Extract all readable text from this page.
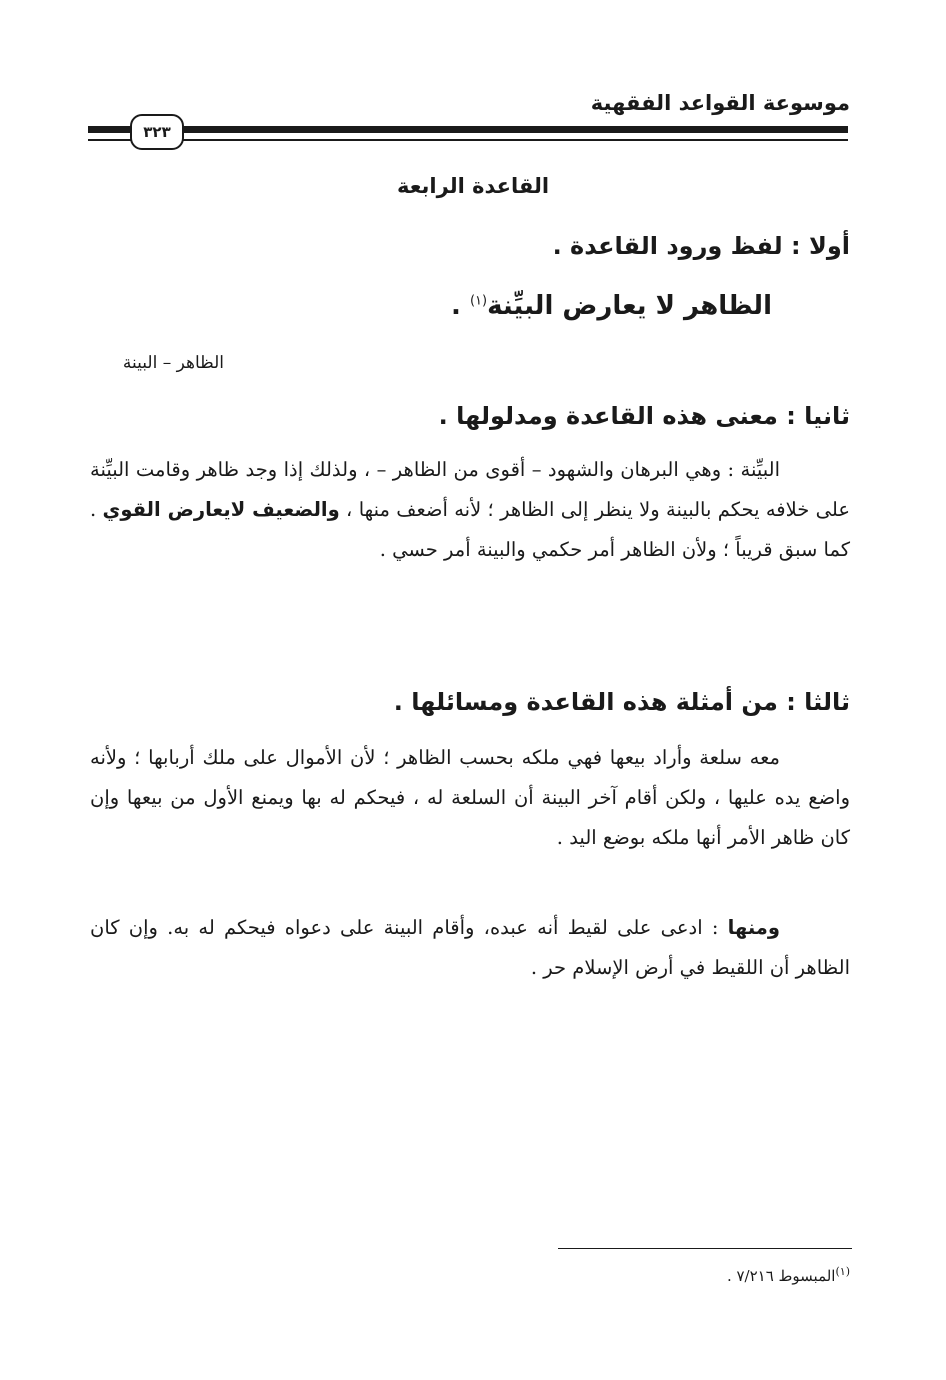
موسوعة القواعد الفقهية
٣٢٣
القاعدة الرابعة
أولا : لفظ ورود القاعدة .
الظاهر لا يعارض البيِّنة$^{(١)}$ .
الظاهر – البينة
ثانيا : معنى هذه القاعدة ومدلولها .
البيِّنة : وهي البرهان والشهود – أقوى من الظاهر – ، ولذلك إذا وجد ظاهر وقامت البيِّنة على خلافه يحكم بالبينة ولا ينظر إلى الظاهر ؛ لأنه أضعف منها ، والضعيف لايعارض القوي . كما سبق قريباً ؛ ولأن الظاهر أمر حكمي والبينة أمر حسي .
ثالثا : من أمثلة هذه القاعدة ومسائلها .
معه سلعة وأراد بيعها فهي ملكه بحسب الظاهر ؛ لأن الأموال على ملك أربابها ؛ ولأنه واضع يده عليها ، ولكن أقام آخر البينة أن السلعة له ، فيحكم له بها ويمنع الأول من بيعها وإن كان ظاهر الأمر أنها ملكه بوضع اليد .
ومنها : ادعى على لقيط أنه عبده، وأقام البينة على دعواه فيحكم له به. وإن كان الظاهر أن اللقيط في أرض الإسلام حر .
$^{(١)}$المبسوط ٧/٢١٦ .
